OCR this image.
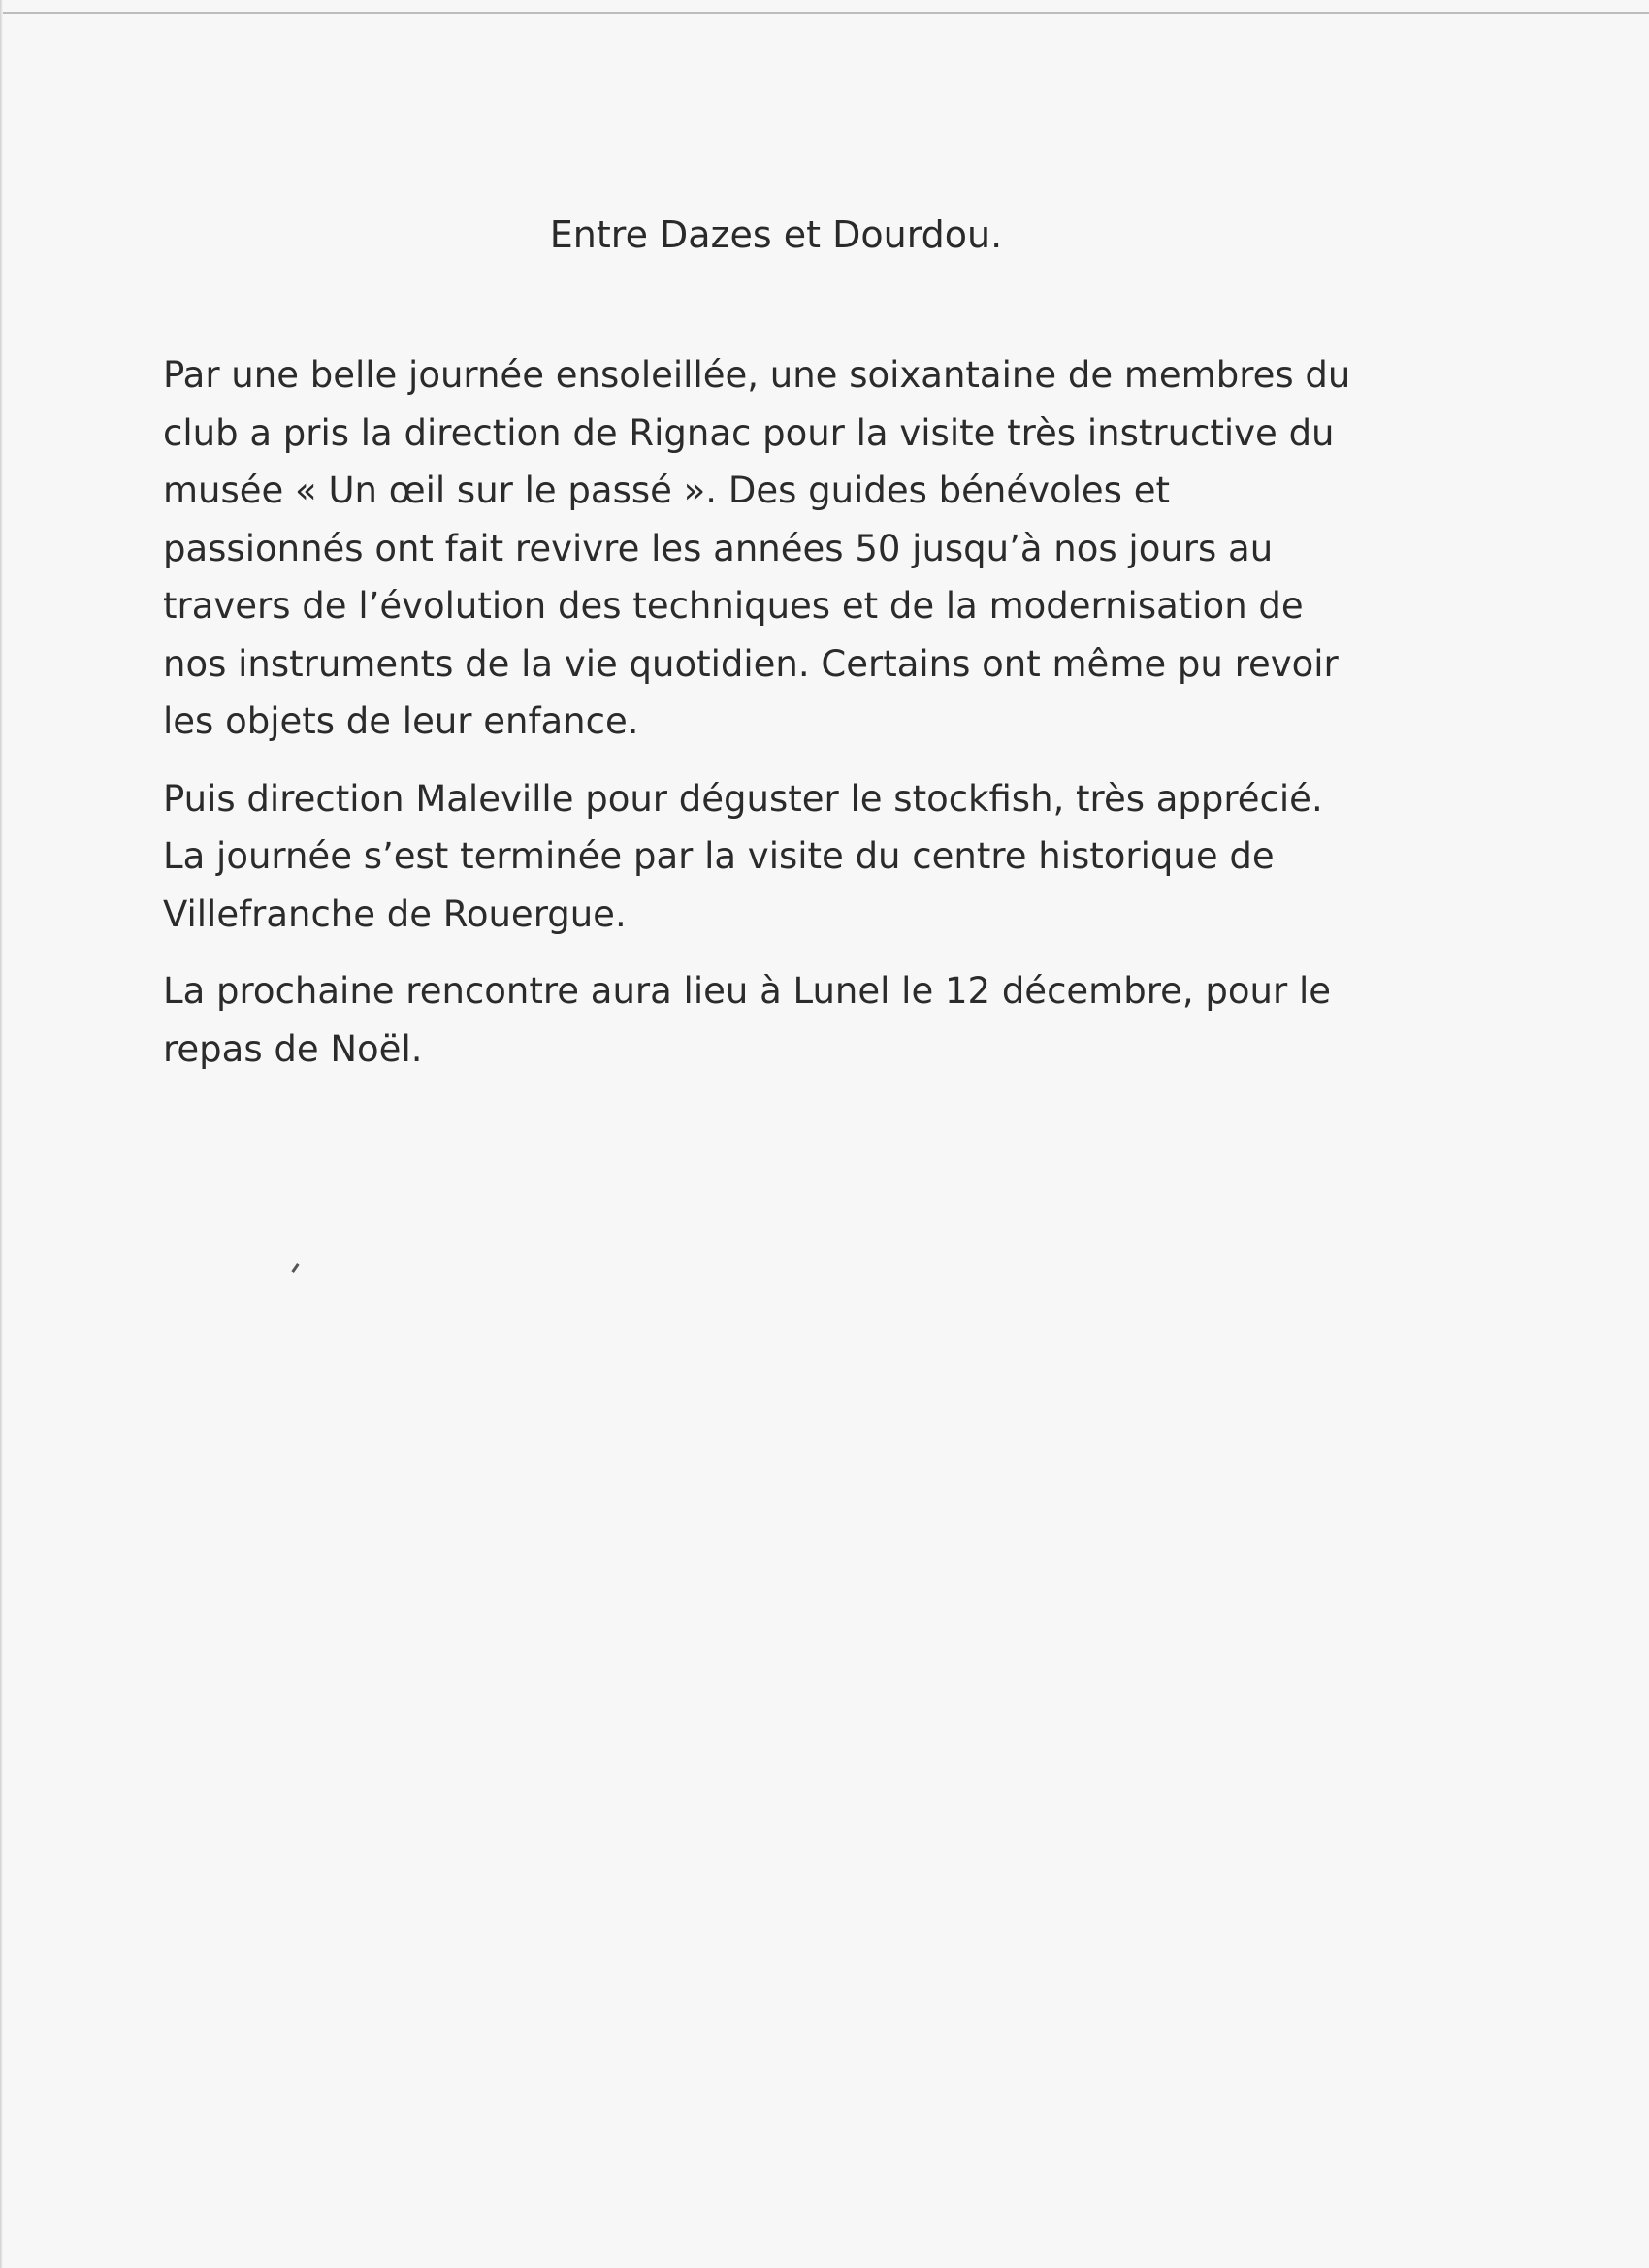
Entre Dazes et Dourdou.

Par une belle journée ensoleillée, une soixantaine de membres du
club a pris la direction de Rignac pour la visite très instructive du
musée « Un œil sur le passé ». Des guides bénévoles et
passionnés ont fait revivre les années 50 jusqu’à nos jours au
travers de l’évolution des techniques et de la modernisation de
nos instruments de la vie quotidien. Certains ont même pu revoir
les objets de leur enfance.

Puis direction Maleville pour déguster le stockfish, très apprécié.
La journée s’est terminée par la visite du centre historique de
Villefranche de Rouergue.

La prochaine rencontre aura lieu à Lunel le 12 décembre, pour le
repas de Noël.
